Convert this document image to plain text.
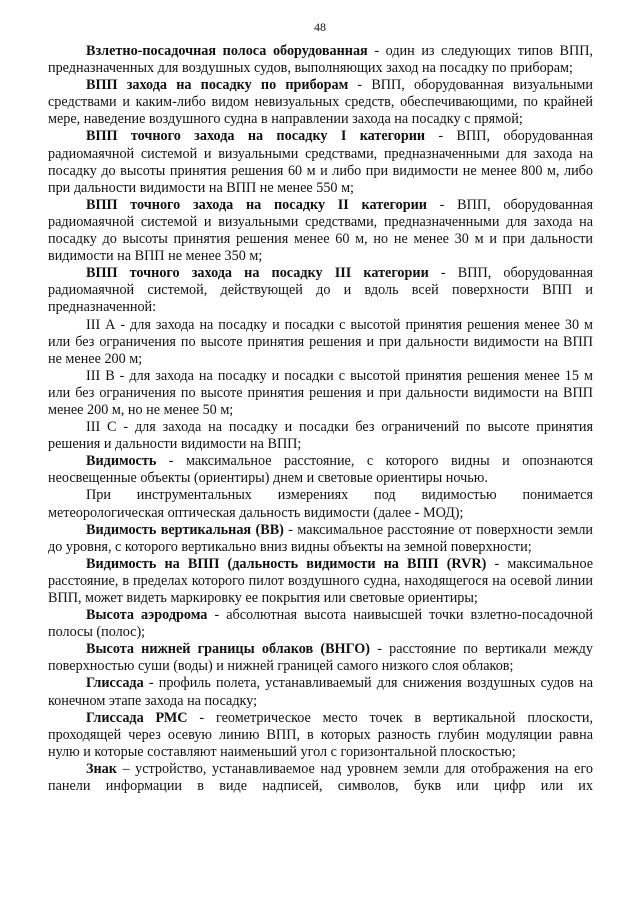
48

Взлетно-посадочная полоса оборудованная - один из следующих типов ВПП, предназначенных для воздушных судов, выполняющих заход на посадку по приборам;

ВПП захода на посадку по приборам - ВПП, оборудованная визуальными средствами и каким-либо видом невизуальных средств, обеспечивающими, по крайней мере, наведение воздушного судна в направлении захода на посадку с прямой;

ВПП точного захода на посадку I категории - ВПП, оборудованная радиомаячной системой и визуальными средствами, предназначенными для захода на посадку до высоты принятия решения 60 м и либо при видимости не менее 800 м, либо при дальности видимости на ВПП не менее 550 м;

ВПП точного захода на посадку II категории - ВПП, оборудованная радиомаячной системой и визуальными средствами, предназначенными для захода на посадку до высоты принятия решения менее 60 м, но не менее 30 м и при дальности видимости на ВПП не менее 350 м;

ВПП точного захода на посадку III категории - ВПП, оборудованная радиомаячной системой, действующей до и вдоль всей поверхности ВПП и предназначенной:

III А - для захода на посадку и посадки с высотой принятия решения менее 30 м или без ограничения по высоте принятия решения и при дальности видимости на ВПП не менее 200 м;

III В - для захода на посадку и посадки с высотой принятия решения менее 15 м или без ограничения по высоте принятия решения и при дальности видимости на ВПП менее 200 м, но не менее 50 м;

III С - для захода на посадку и посадки без ограничений по высоте принятия решения и дальности видимости на ВПП;

Видимость - максимальное расстояние, с которого видны и опознаются неосвещенные объекты (ориентиры) днем и световые ориентиры ночью.

При инструментальных измерениях под видимостью понимается метеорологическая оптическая дальность видимости (далее - МОД);

Видимость вертикальная (ВВ) - максимальное расстояние от поверхности земли до уровня, с которого вертикально вниз видны объекты на земной поверхности;

Видимость на ВПП (дальность видимости на ВПП (RVR) - максимальное расстояние, в пределах которого пилот воздушного судна, находящегося на осевой линии ВПП, может видеть маркировку ее покрытия или световые ориентиры;

Высота аэродрома - абсолютная высота наивысшей точки взлетно-посадочной полосы (полос);

Высота нижней границы облаков (ВНГО) - расстояние по вертикали между поверхностью суши (воды) и нижней границей самого низкого слоя облаков;

Глиссада - профиль полета, устанавливаемый для снижения воздушных судов на конечном этапе захода на посадку;

Глиссада РМС - геометрическое место точек в вертикальной плоскости, проходящей через осевую линию ВПП, в которых разность глубин модуляции равна нулю и которые составляют наименьший угол с горизонтальной плоскостью;

Знак – устройство, устанавливаемое над уровнем земли для отображения на его панели информации в виде надписей, символов, букв или цифр или их
